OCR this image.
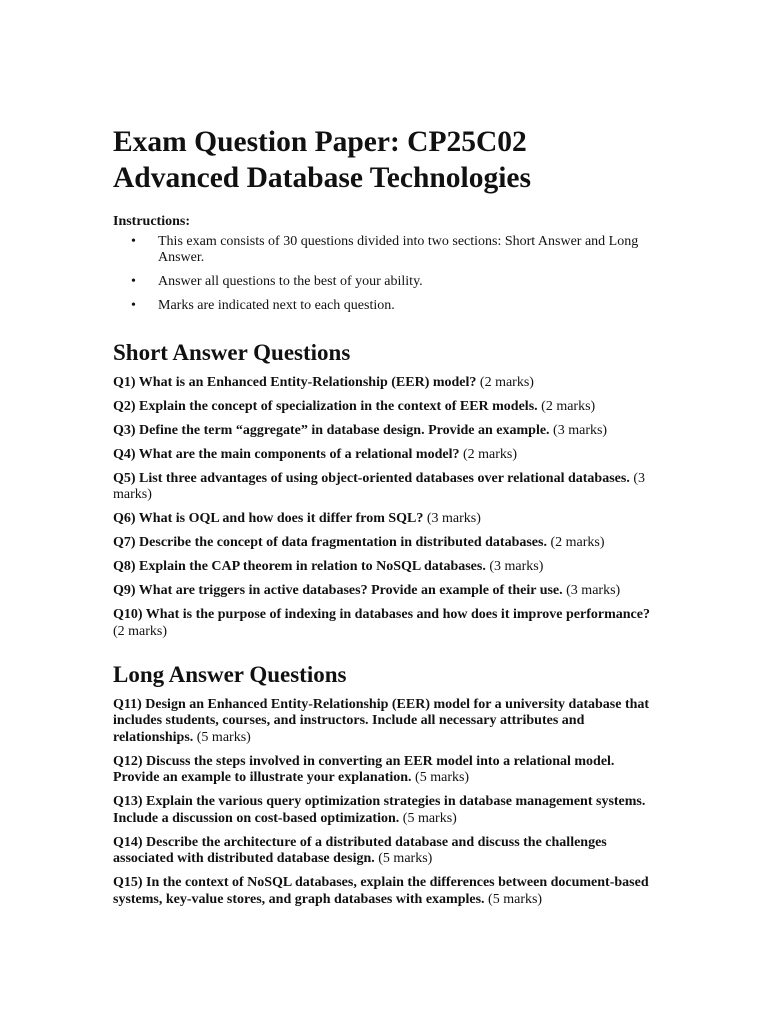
Exam Question Paper: CP25C02
Advanced Database Technologies
Instructions:
• This exam consists of 30 questions divided into two sections: Short Answer and Long Answer.
• Answer all questions to the best of your ability.
• Marks are indicated next to each question.
Short Answer Questions
Q1) What is an Enhanced Entity-Relationship (EER) model? (2 marks)
Q2) Explain the concept of specialization in the context of EER models. (2 marks)
Q3) Define the term “aggregate” in database design. Provide an example. (3 marks)
Q4) What are the main components of a relational model? (2 marks)
Q5) List three advantages of using object-oriented databases over relational databases. (3 marks)
Q6) What is OQL and how does it differ from SQL? (3 marks)
Q7) Describe the concept of data fragmentation in distributed databases. (2 marks)
Q8) Explain the CAP theorem in relation to NoSQL databases. (3 marks)
Q9) What are triggers in active databases? Provide an example of their use. (3 marks)
Q10) What is the purpose of indexing in databases and how does it improve performance? (2 marks)
Long Answer Questions
Q11) Design an Enhanced Entity-Relationship (EER) model for a university database that includes students, courses, and instructors. Include all necessary attributes and relationships. (5 marks)
Q12) Discuss the steps involved in converting an EER model into a relational model. Provide an example to illustrate your explanation. (5 marks)
Q13) Explain the various query optimization strategies in database management systems. Include a discussion on cost-based optimization. (5 marks)
Q14) Describe the architecture of a distributed database and discuss the challenges associated with distributed database design. (5 marks)
Q15) In the context of NoSQL databases, explain the differences between document-based systems, key-value stores, and graph databases with examples. (5 marks)
